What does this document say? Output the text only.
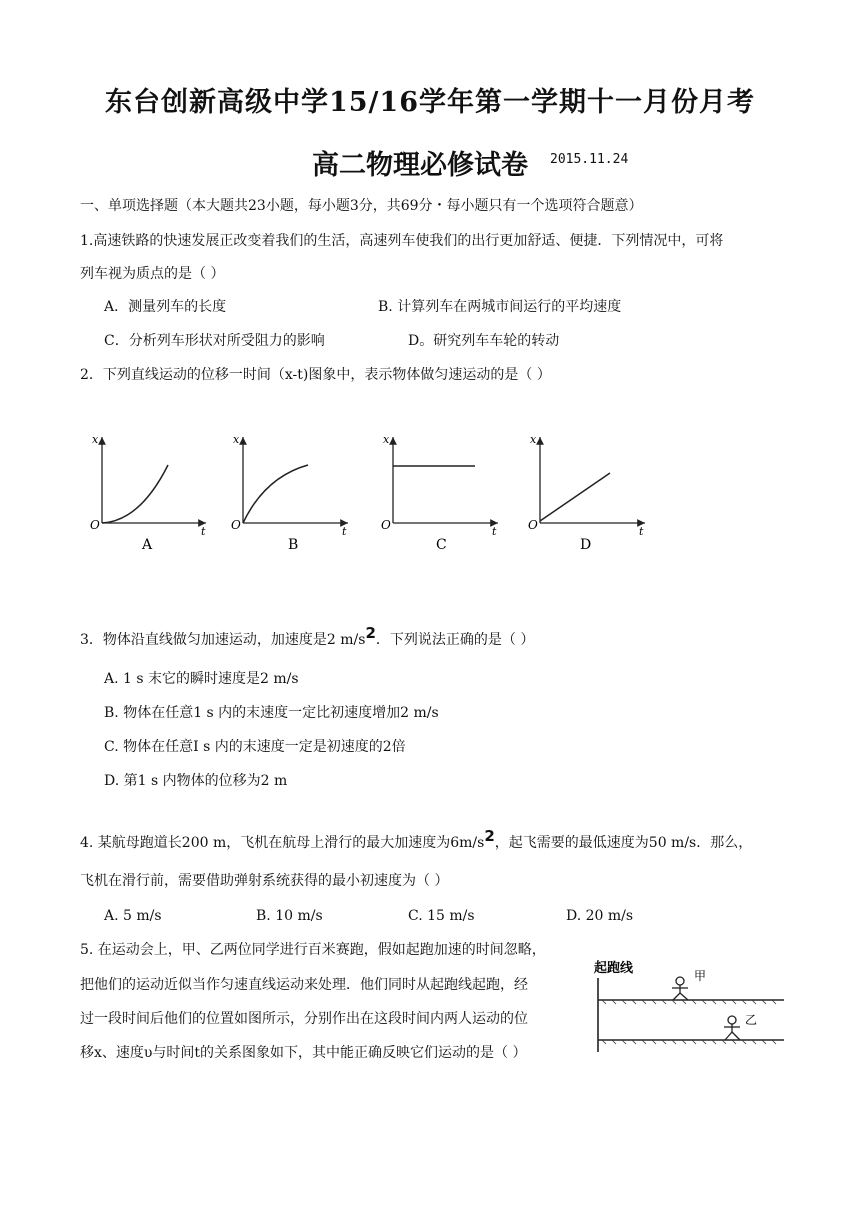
东台创新高级中学15/16学年第一学期十一月份月考
高二物理必修试卷 2015.11.24
一、单项选择题（本大题共23小题，每小题3分，共69分・每小题只有一个选项符合题意）
1.高速铁路的快速发展正改变着我们的生活，高速列车使我们的出行更加舒适、便捷．下列情况中，可将
列车视为质点的是（ ）
A．测量列车的长度	B. 计算列车在两城市间运行的平均速度
C．分析列车形状对所受阻力的影响	D。研究列车车轮的转动
2．下列直线运动的位移一时间（x-t)图象中，表示物体做匀速运动的是（ ）
x
t
O
A
x
t
O
B
x
t
O
C
x
t
O
D
3．物体沿直线做匀加速运动，加速度是2 m/s2．下列说法正确的是（ ）
A. 1 s 末它的瞬时速度是2 m/s
B. 物体在任意1 s 内的末速度一定比初速度增加2 m/s
C. 物体在任意I s 内的末速度一定是初速度的2倍
D. 第1 s 内物体的位移为2 m
4. 某航母跑道长200 m，飞机在航母上滑行的最大加速度为6m/s2，起飞需要的最低速度为50 m/s．那么，
飞机在滑行前，需要借助弹射系统获得的最小初速度为（ ）
A. 5 m/s	B. 10 m/s	C. 15 m/s	D. 20 m/s
5. 在运动会上，甲、乙两位同学进行百米赛跑，假如起跑加速的时间忽略，
把他们的运动近似当作匀速直线运动来处理．他们同时从起跑线起跑，经
过一段时间后他们的位置如图所示，分别作出在这段时间内两人运动的位
移x、速度υ与时间t的关系图象如下，其中能正确反映它们运动的是（ ）
起跑线	甲
乙
